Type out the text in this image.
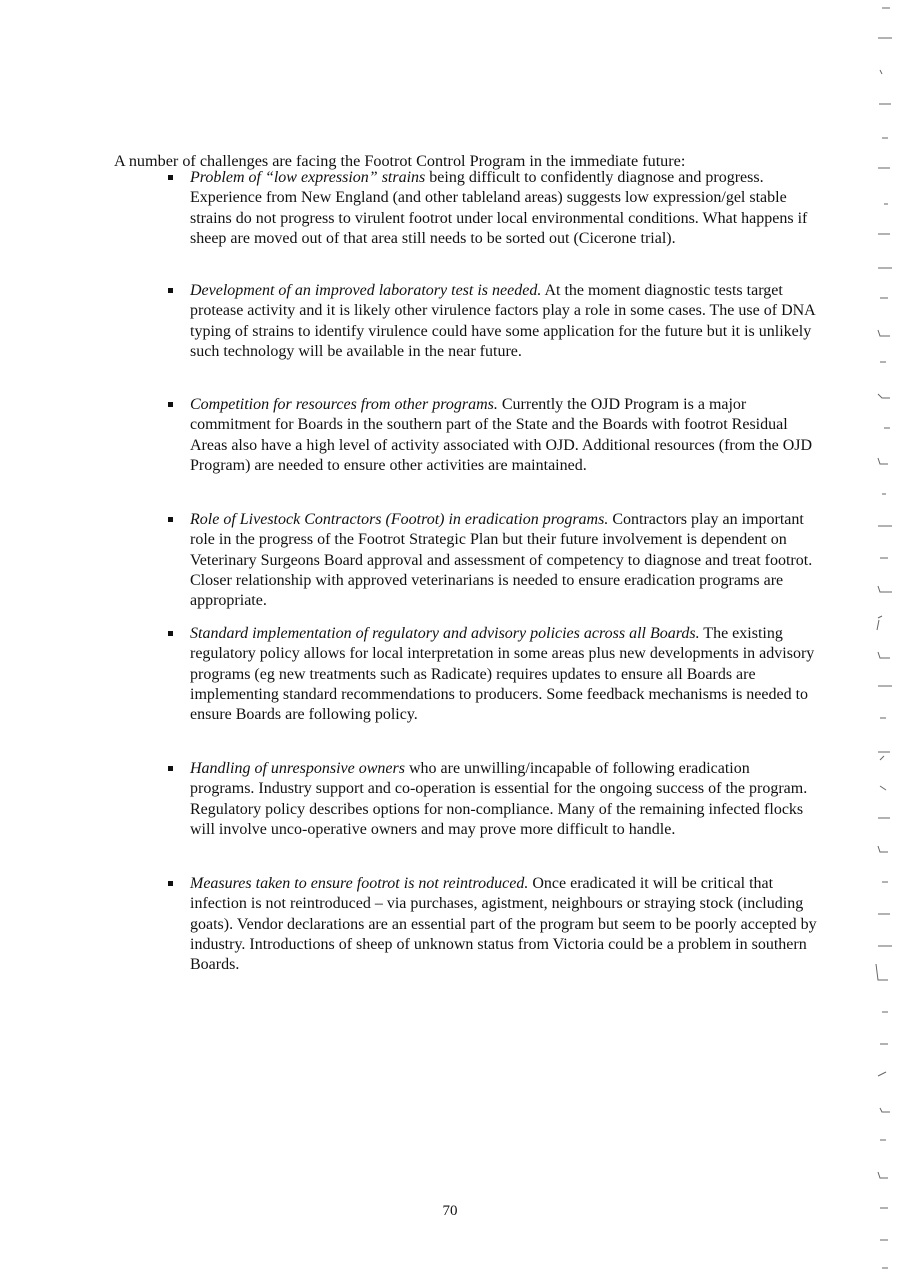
A number of challenges are facing the Footrot Control Program in the immediate future:

Problem of “low expression” strains being difficult to confidently diagnose and progress. Experience from New England (and other tableland areas) suggests low expression/gel stable strains do not progress to virulent footrot under local environmental conditions. What happens if sheep are moved out of that area still needs to be sorted out (Cicerone trial).
Development of an improved laboratory test is needed. At the moment diagnostic tests target protease activity and it is likely other virulence factors play a role in some cases. The use of DNA typing of strains to identify virulence could have some application for the future but it is unlikely such technology will be available in the near future.
Competition for resources from other programs. Currently the OJD Program is a major commitment for Boards in the southern part of the State and the Boards with footrot Residual Areas also have a high level of activity associated with OJD. Additional resources (from the OJD Program) are needed to ensure other activities are maintained.
Role of Livestock Contractors (Footrot) in eradication programs. Contractors play an important role in the progress of the Footrot Strategic Plan but their future involvement is dependent on Veterinary Surgeons Board approval and assessment of competency to diagnose and treat footrot. Closer relationship with approved veterinarians is needed to ensure eradication programs are appropriate.
Standard implementation of regulatory and advisory policies across all Boards. The existing regulatory policy allows for local interpretation in some areas plus new developments in advisory programs (eg new treatments such as Radicate) requires updates to ensure all Boards are implementing standard recommendations to producers. Some feedback mechanisms is needed to ensure Boards are following policy.
Handling of unresponsive owners who are unwilling/incapable of following eradication programs. Industry support and co-operation is essential for the ongoing success of the program. Regulatory policy describes options for non-compliance. Many of the remaining infected flocks will involve unco-operative owners and may prove more difficult to handle.
Measures taken to ensure footrot is not reintroduced. Once eradicated it will be critical that infection is not reintroduced – via purchases, agistment, neighbours or straying stock (including goats). Vendor declarations are an essential part of the program but seem to be poorly accepted by industry. Introductions of sheep of unknown status from Victoria could be a problem in southern Boards.
70
